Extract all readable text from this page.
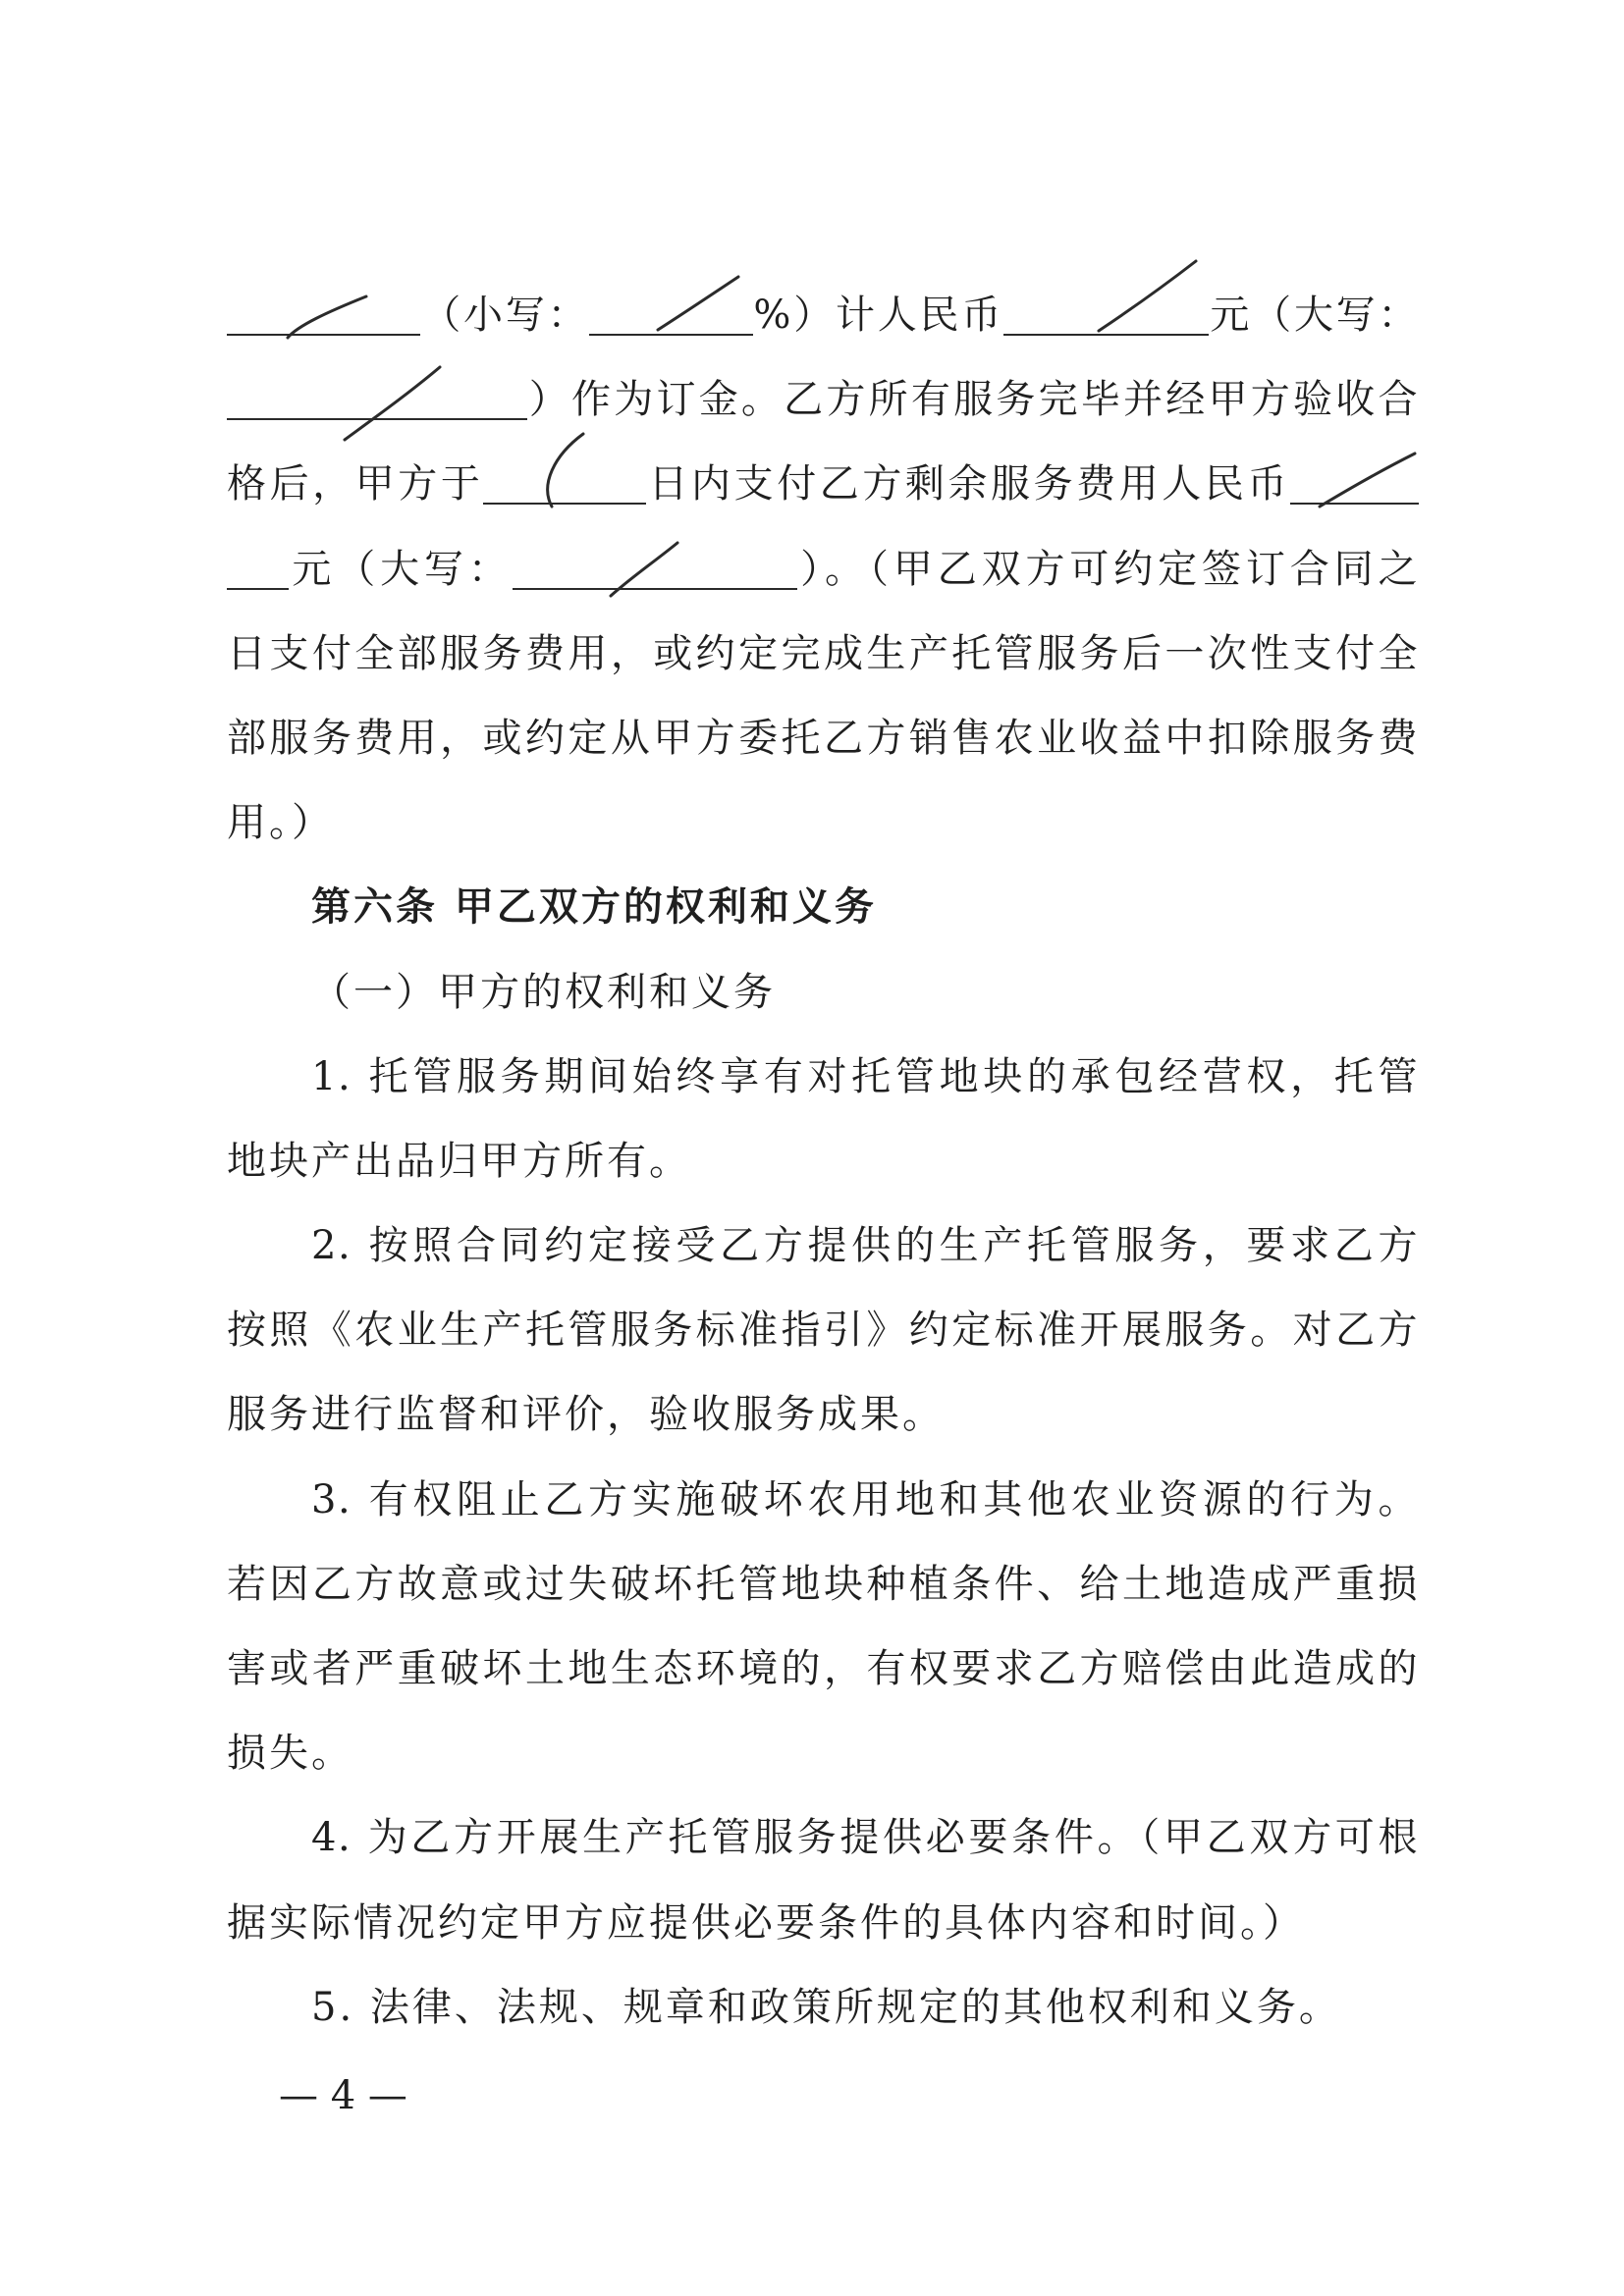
（小写：	%）计人民币	元（大写：
）作为订金。乙方所有服务完毕并经甲方验收合
格后，甲方于	日内支付乙方剩余服务费用人民币
元（大写：	）。（甲乙双方可约定签订合同之
日支付全部服务费用，或约定完成生产托管服务后一次性支付全
部服务费用，或约定从甲方委托乙方销售农业收益中扣除服务费
用。）
第六条 甲乙双方的权利和义务
（一）甲方的权利和义务
1. 托管服务期间始终享有对托管地块的承包经营权，托管
地块产出品归甲方所有。
2. 按照合同约定接受乙方提供的生产托管服务，要求乙方
按照《农业生产托管服务标准指引》约定标准开展服务。对乙方
服务进行监督和评价，验收服务成果。
3. 有权阻止乙方实施破坏农用地和其他农业资源的行为。
若因乙方故意或过失破坏托管地块种植条件、给土地造成严重损
害或者严重破坏土地生态环境的，有权要求乙方赔偿由此造成的
损失。
4. 为乙方开展生产托管服务提供必要条件。（甲乙双方可根
据实际情况约定甲方应提供必要条件的具体内容和时间。）
5. 法律、法规、规章和政策所规定的其他权利和义务。
— 4 —
